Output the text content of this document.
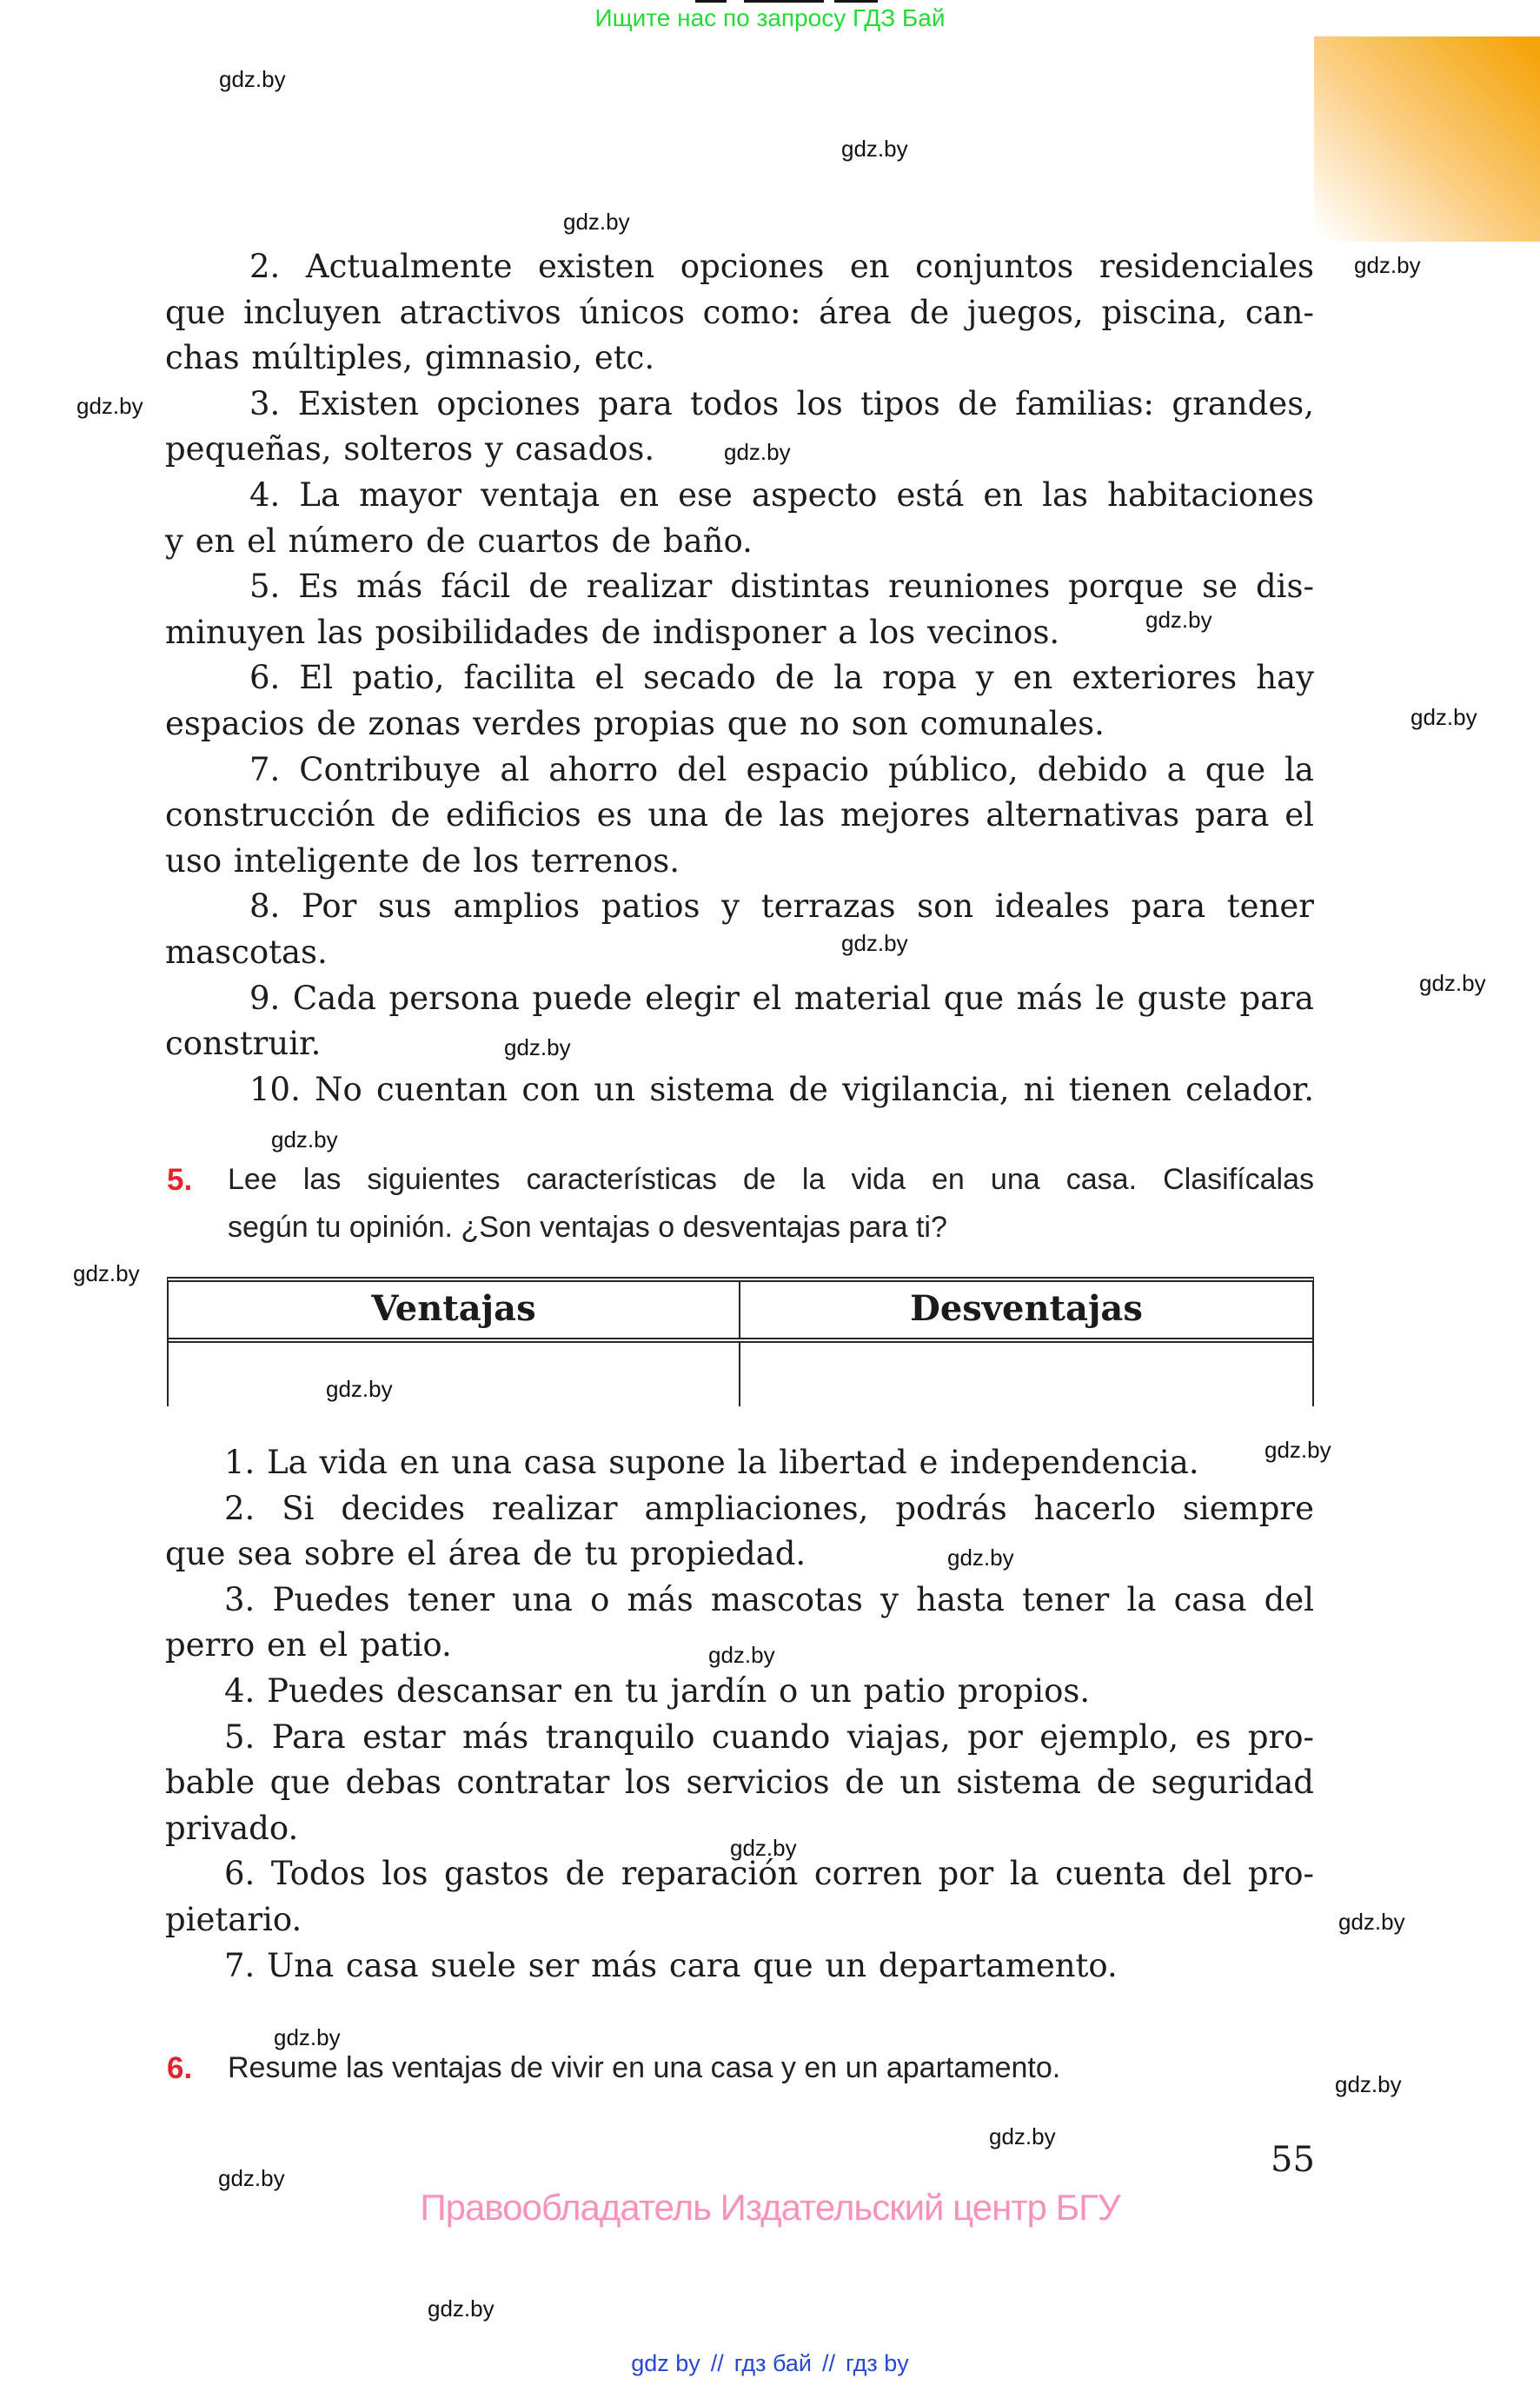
Ищите нас по запросу ГДЗ Бай
gdz.by
gdz.by
gdz.by
gdz.by
gdz.by
gdz.by
gdz.by
gdz.by
gdz.by
gdz.by
gdz.by
gdz.by
gdz.by
gdz.by
gdz.by
gdz.by
gdz.by
gdz.by
gdz.by
gdz.by
gdz.by
gdz.by
gdz.by
gdz.by
2. Actualmente existen opciones en conjuntos residenciales
que incluyen atractivos únicos como: área de juegos, piscina, can-
chas múltiples, gimnasio, etc.
3. Existen opciones para todos los tipos de familias: grandes,
pequeñas, solteros y casados.
4. La mayor ventaja en ese aspecto está en las habitaciones
y en el número de cuartos de baño.
5. Es más fácil de realizar distintas reuniones porque se dis-
minuyen las posibilidades de indisponer a los vecinos.
6. El patio, facilita el secado de la ropa y en exteriores hay
espacios de zonas verdes propias que no son comunales.
7. Contribuye al ahorro del espacio público, debido a que la
construcción de edificios es una de las mejores alternativas para el
uso inteligente de los terrenos.
8. Por sus amplios patios y terrazas son ideales para tener
mascotas.
9. Cada persona puede elegir el material que más le guste para
construir.
10. No cuentan con un sistema de vigilancia, ni tienen celador.
5. Lee las siguientes características de la vida en una casa. Clasifícalas
según tu opinión. ¿Son ventajas o desventajas para ti?
Ventajas	Desventajas
1. La vida en una casa supone la libertad e independencia.
2. Si decides realizar ampliaciones, podrás hacerlo siempre
que sea sobre el área de tu propiedad.
3. Puedes tener una o más mascotas y hasta tener la casa del
perro en el patio.
4. Puedes descansar en tu jardín o un patio propios.
5. Para estar más tranquilo cuando viajas, por ejemplo, es pro-
bable que debas contratar los servicios de un sistema de seguridad
privado.
6. Todos los gastos de reparación corren por la cuenta del pro-
pietario.
7. Una casa suele ser más cara que un departamento.
6. Resume las ventajas de vivir en una casa y en un apartamento.
55
Правообладатель Издательский центр БГУ
gdz by // гдз бай // гдз by
